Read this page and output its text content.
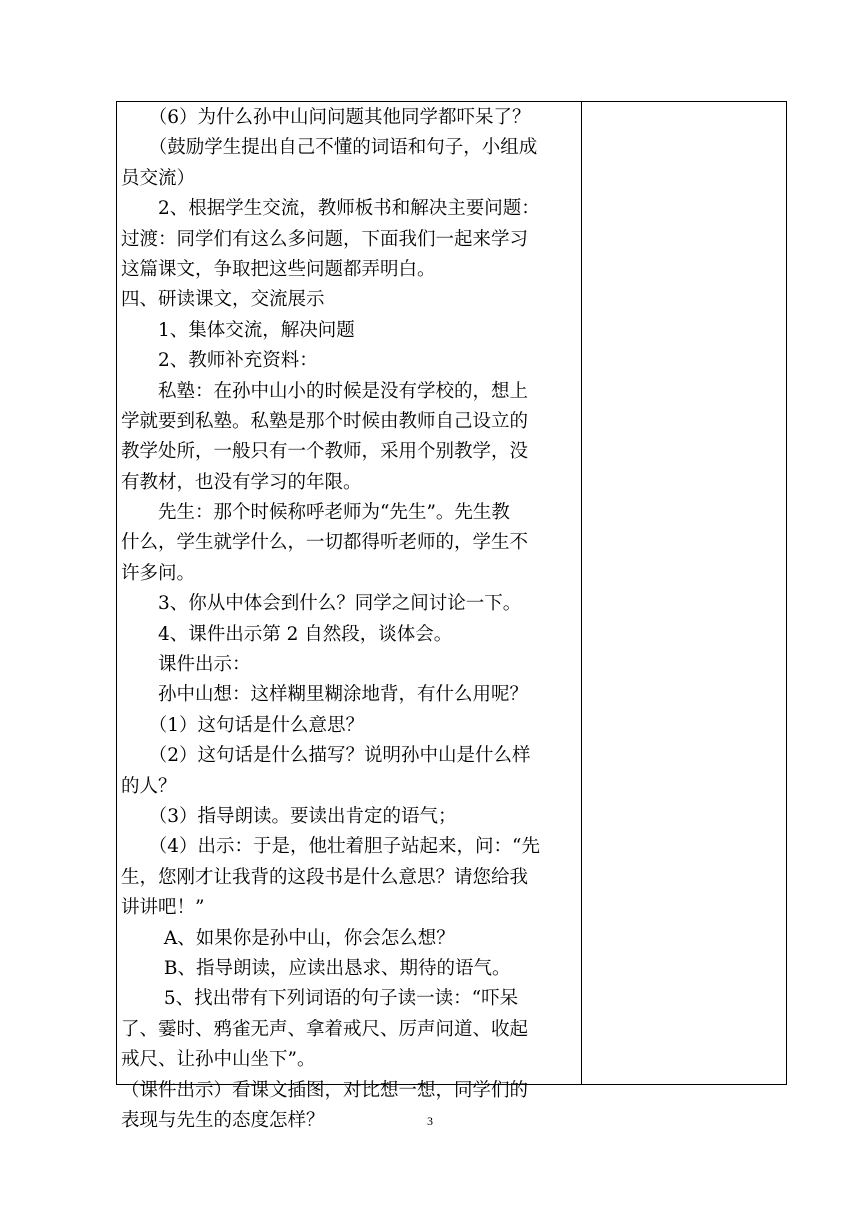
　　（6）为什么孙中山问问题其他同学都吓呆了？
　　（鼓励学生提出自己不懂的词语和句子，小组成
员交流）
　　2、根据学生交流，教师板书和解决主要问题：
过渡：同学们有这么多问题，下面我们一起来学习
这篇课文，争取把这些问题都弄明白。
四、研读课文，交流展示
　　1、集体交流，解决问题
　　2、教师补充资料：
　　私塾：在孙中山小的时候是没有学校的，想上
学就要到私塾。私塾是那个时候由教师自己设立的
教学处所，一般只有一个教师，采用个别教学，没
有教材，也没有学习的年限。
　　先生：那个时候称呼老师为“先生”。先生教
什么，学生就学什么，一切都得听老师的，学生不
许多问。
　　3、你从中体会到什么？同学之间讨论一下。
　　4、课件出示第 2 自然段，谈体会。
　　课件出示：
　　孙中山想：这样糊里糊涂地背，有什么用呢？
　　（1）这句话是什么意思？
　　（2）这句话是什么描写？说明孙中山是什么样
的人？
　　（3）指导朗读。要读出肯定的语气；
　　（4）出示：于是，他壮着胆子站起来，问：“先
生，您刚才让我背的这段书是什么意思？请您给我
讲讲吧！”
　　 A、如果你是孙中山，你会怎么想？
　　 B、指导朗读，应读出恳求、期待的语气。
　　 5、找出带有下列词语的句子读一读：“吓呆
了、霎时、鸦雀无声、拿着戒尺、厉声问道、收起
戒尺、让孙中山坐下”。
（课件出示）看课文插图，对比想一想，同学们的
表现与先生的态度怎样？	3
